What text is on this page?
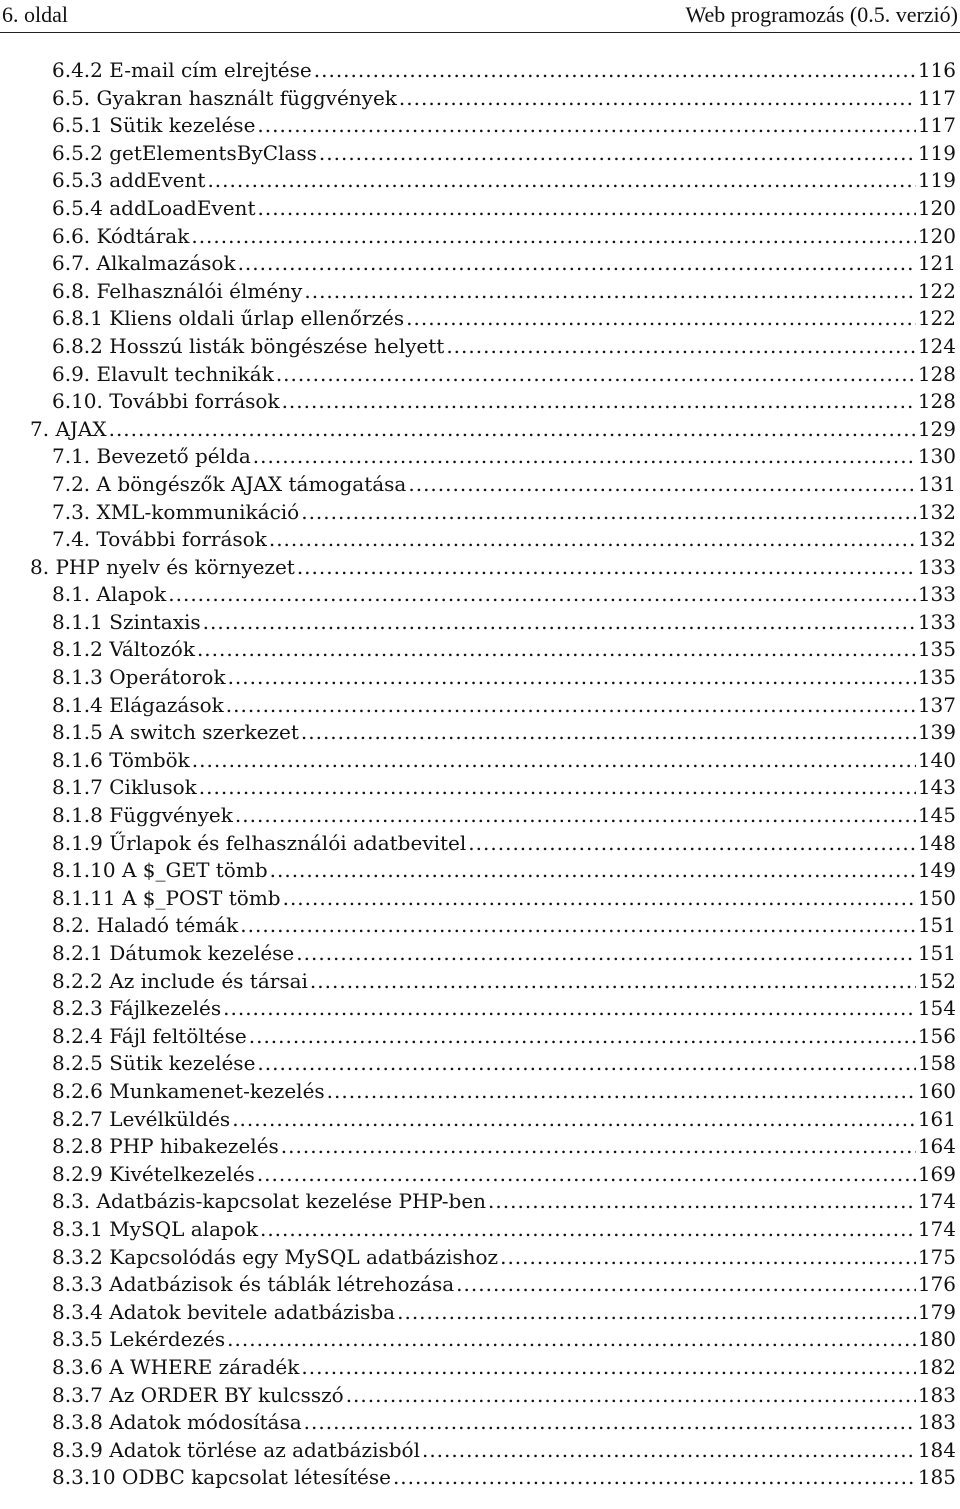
6. oldal	Web programozás (0.5. verzió)
6.4.2 E-mail cím elrejtése .....	116
6.5. Gyakran használt függvények .....	117
6.5.1 Sütik kezelése .....	117
6.5.2 getElementsByClass .....	119
6.5.3 addEvent .....	119
6.5.4 addLoadEvent .....	120
6.6. Kódtárak .....	120
6.7. Alkalmazások .....	121
6.8. Felhasználói élmény .....	122
6.8.1 Kliens oldali űrlap ellenőrzés .....	122
6.8.2 Hosszú listák böngészése helyett .....	124
6.9. Elavult technikák .....	128
6.10. További források .....	128
7. AJAX .....	129
7.1. Bevezető példa .....	130
7.2. A böngészők AJAX támogatása .....	131
7.3. XML-kommunikáció .....	132
7.4. További források .....	132
8. PHP nyelv és környezet .....	133
8.1. Alapok .....	133
8.1.1 Szintaxis .....	133
8.1.2 Változók .....	135
8.1.3 Operátorok .....	135
8.1.4 Elágazások .....	137
8.1.5 A switch szerkezet .....	139
8.1.6 Tömbök .....	140
8.1.7 Ciklusok .....	143
8.1.8 Függvények .....	145
8.1.9 Űrlapok és felhasználói adatbevitel .....	148
8.1.10 A $_GET tömb .....	149
8.1.11 A $_POST tömb .....	150
8.2. Haladó témák .....	151
8.2.1 Dátumok kezelése .....	151
8.2.2 Az include és társai .....	152
8.2.3 Fájlkezelés .....	154
8.2.4 Fájl feltöltése .....	156
8.2.5 Sütik kezelése .....	158
8.2.6 Munkamenet-kezelés .....	160
8.2.7 Levélküldés .....	161
8.2.8 PHP hibakezelés .....	164
8.2.9 Kivételkezelés .....	169
8.3. Adatbázis-kapcsolat kezelése PHP-ben .....	174
8.3.1 MySQL alapok .....	174
8.3.2 Kapcsolódás egy MySQL adatbázishoz .....	175
8.3.3 Adatbázisok és táblák létrehozása .....	176
8.3.4 Adatok bevitele adatbázisba .....	179
8.3.5 Lekérdezés .....	180
8.3.6 A WHERE záradék .....	182
8.3.7 Az ORDER BY kulcsszó .....	183
8.3.8 Adatok módosítása .....	183
8.3.9 Adatok törlése az adatbázisból .....	184
8.3.10 ODBC kapcsolat létesítése .....	185
